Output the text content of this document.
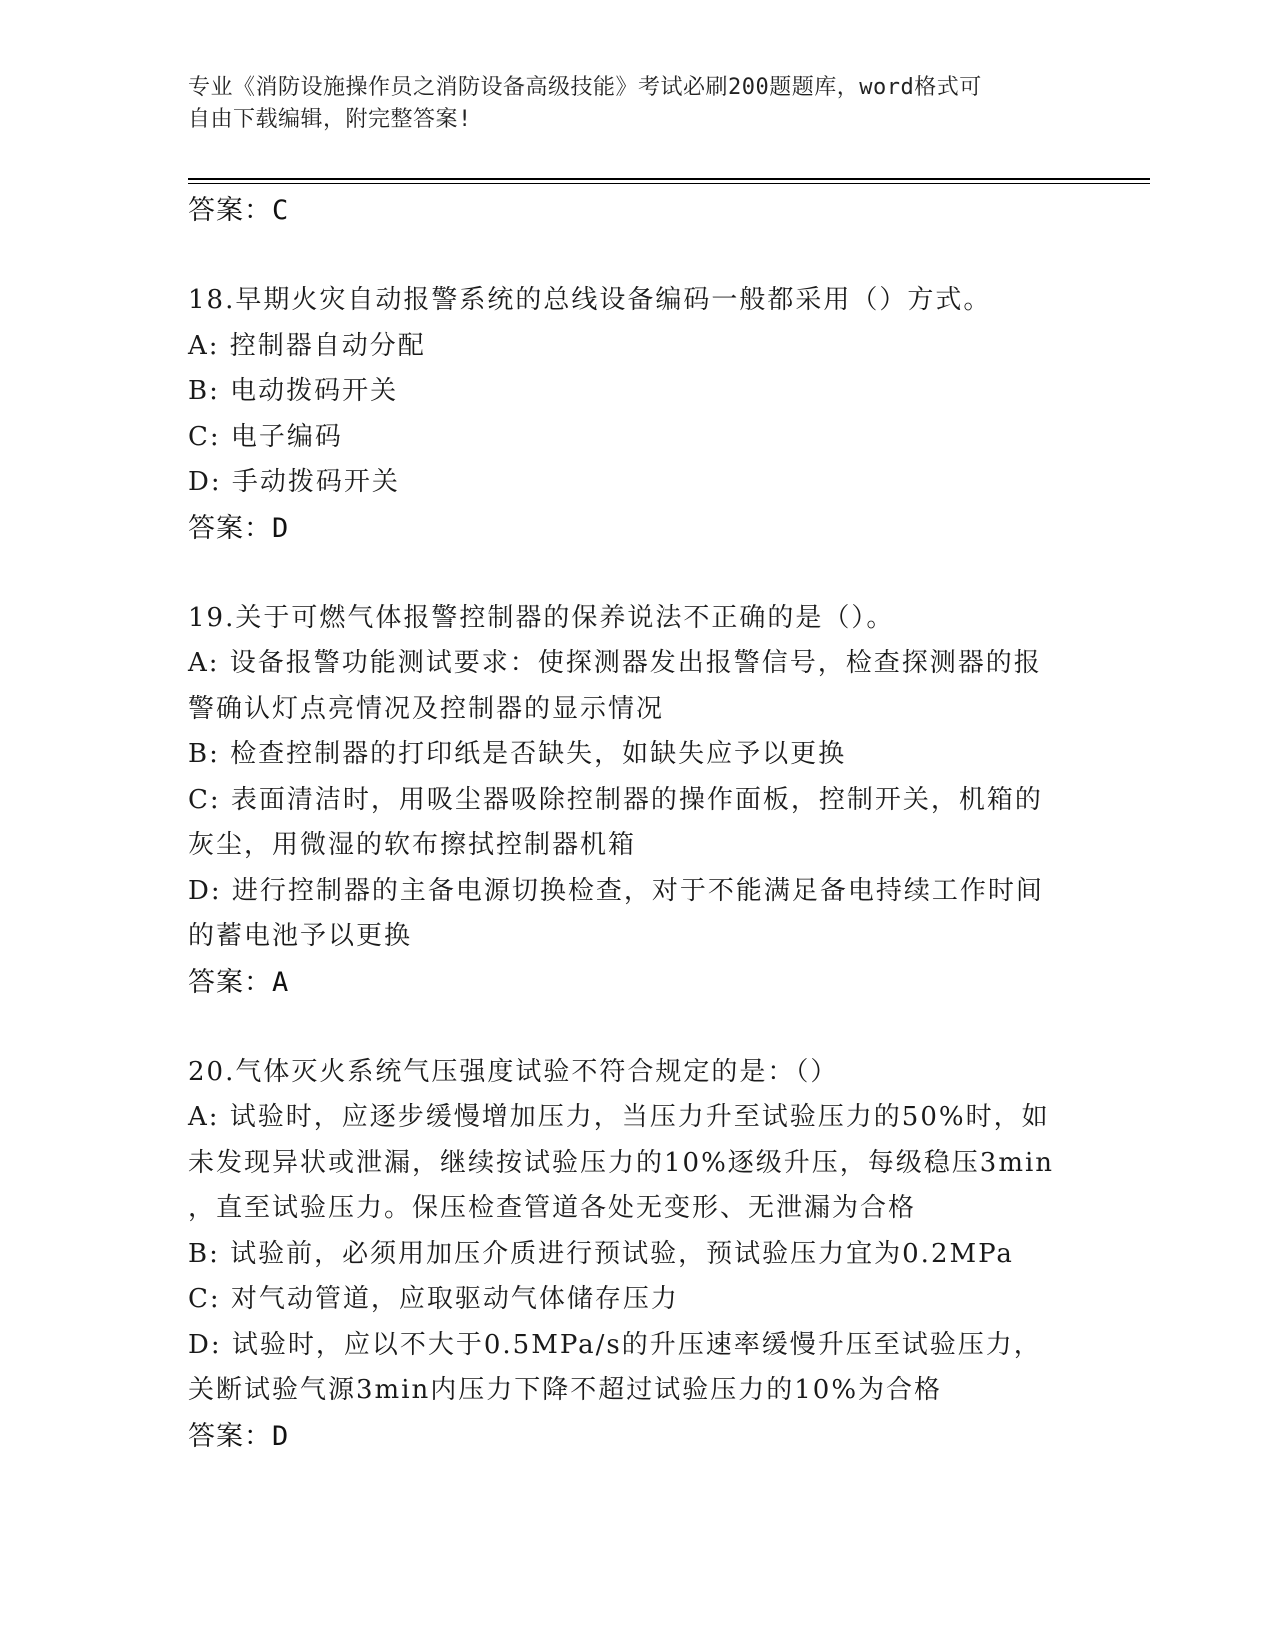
专业《消防设施操作员之消防设备高级技能》考试必刷200题题库，word格式可
自由下载编辑，附完整答案!
答案：C
18.早期火灾自动报警系统的总线设备编码一般都采用（）方式。
A: 控制器自动分配
B: 电动拨码开关
C: 电子编码
D: 手动拨码开关
答案：D
19.关于可燃气体报警控制器的保养说法不正确的是（）。
A: 设备报警功能测试要求：使探测器发出报警信号，检查探测器的报
警确认灯点亮情况及控制器的显示情况
B: 检查控制器的打印纸是否缺失，如缺失应予以更换
C: 表面清洁时，用吸尘器吸除控制器的操作面板，控制开关，机箱的
灰尘，用微湿的软布擦拭控制器机箱
D: 进行控制器的主备电源切换检查，对于不能满足备电持续工作时间
的蓄电池予以更换
答案：A
20.气体灭火系统气压强度试验不符合规定的是：（）
A: 试验时，应逐步缓慢增加压力，当压力升至试验压力的50%时，如
未发现异状或泄漏，继续按试验压力的10%逐级升压，每级稳压3min
，直至试验压力。保压检查管道各处无变形、无泄漏为合格
B: 试验前，必须用加压介质进行预试验，预试验压力宜为0.2MPa
C: 对气动管道，应取驱动气体储存压力
D: 试验时，应以不大于0.5MPa/s的升压速率缓慢升压至试验压力，
关断试验气源3min内压力下降不超过试验压力的10%为合格
答案：D
